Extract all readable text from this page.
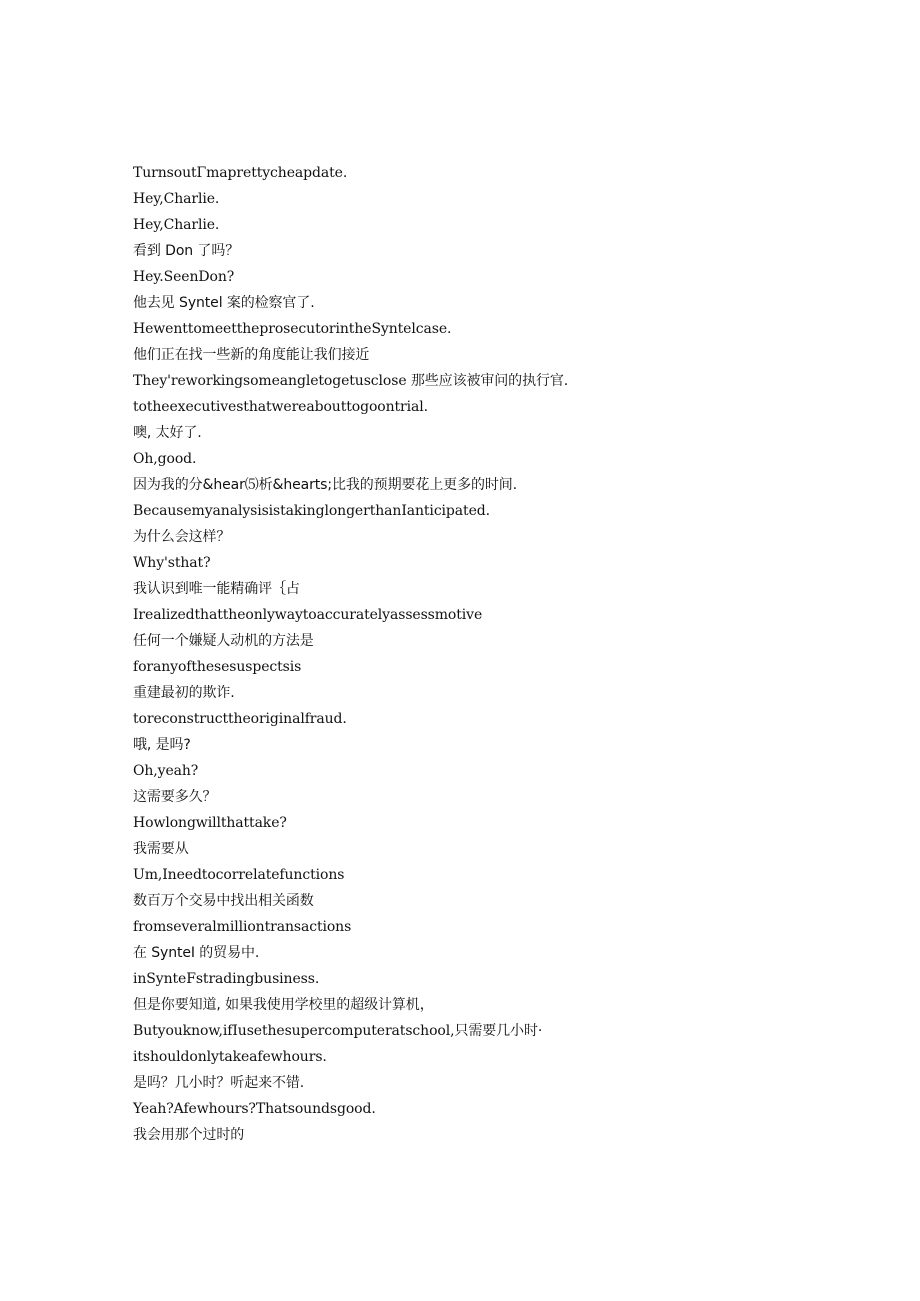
TurnsoutΓmaprettycheapdate.
Hey,Charlie.
Hey,Charlie.
看到 Don 了吗？
Hey.SeenDon?
他去见 Syntel 案的检察官了.
HewenttomeettheprosecutorintheSyntelcase.
他们正在找一些新的角度能让我们接近
They'reworkingsomeangletogetusclose 那些应该被审问的执行官.
totheexecutivesthatwereabouttogoontrial.
噢, 太好了.
Oh,good.
因为我的分&hear⑸析&hearts;比我的预期要花上更多的时间.
BecausemyanalysisistakinglongerthanIanticipated.
为什么会这样？
Why'sthat?
我认识到唯一能精确评｛占
Irealizedthattheonlywaytoaccuratelyassessmotive
任何一个嫌疑人动机的方法是
foranyofthesesuspectsis
重建最初的欺诈.
toreconstructtheoriginalfraud.
哦, 是吗?
Oh,yeah?
这需要多久？
Howlongwillthattake?
我需要从
Um,Ineedtocorrelatefunctions
数百万个交易中找出相关函数
fromseveralmilliontransactions
在 SynteI 的贸易中.
inSynteFstradingbusiness.
但是你要知道, 如果我使用学校里的超级计算机，
Butyouknow,ifIusethesupercomputeratschool,只需要几小时·
itshouldonlytakeafewhours.
是吗？几小时？听起来不错.
Yeah?Afewhours?Thatsoundsgood.
我会用那个过时的
